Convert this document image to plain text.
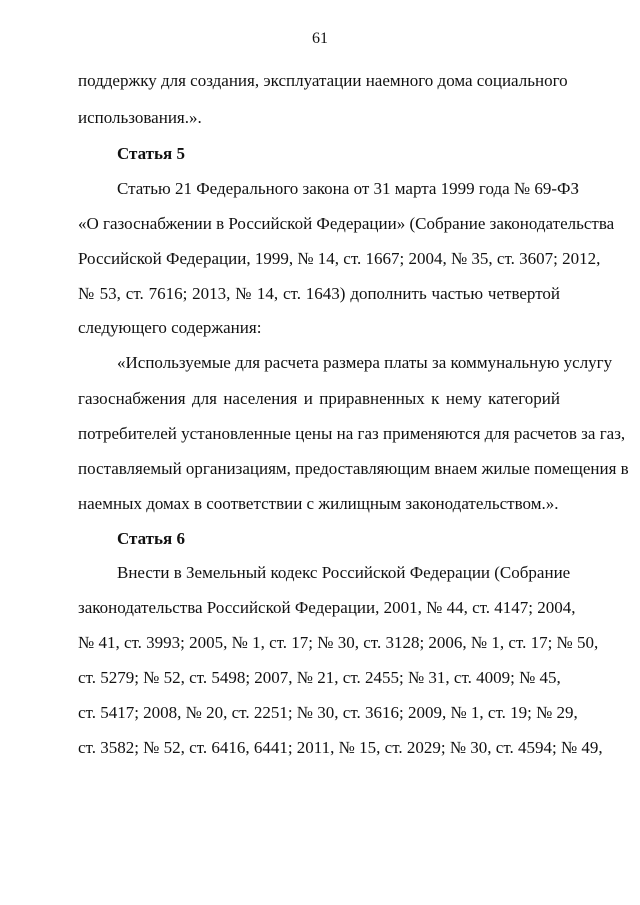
61
поддержку для создания, эксплуатации наемного дома социального
использования.».
Статья 5
Статью 21 Федерального закона от 31 марта 1999 года № 69-ФЗ
«О газоснабжении в Российской Федерации» (Собрание законодательства
Российской Федерации, 1999, № 14, ст. 1667; 2004, № 35, ст. 3607; 2012,
№ 53, ст. 7616; 2013, № 14, ст. 1643) дополнить частью четвертой
следующего содержания:
«Используемые для расчета размера платы за коммунальную услугу
газоснабжения для населения и приравненных к нему категорий
потребителей установленные цены на газ применяются для расчетов за газ,
поставляемый организациям, предоставляющим внаем жилые помещения в
наемных домах в соответствии с жилищным законодательством.».
Статья 6
Внести в Земельный кодекс Российской Федерации (Собрание
законодательства Российской Федерации, 2001, № 44, ст. 4147; 2004,
№ 41, ст. 3993; 2005, № 1, ст. 17; № 30, ст. 3128; 2006, № 1, ст. 17; № 50,
ст. 5279; № 52, ст. 5498; 2007, № 21, ст. 2455; № 31, ст. 4009; № 45,
ст. 5417; 2008, № 20, ст. 2251; № 30, ст. 3616; 2009, № 1, ст. 19; № 29,
ст. 3582; № 52, ст. 6416, 6441; 2011, № 15, ст. 2029; № 30, ст. 4594; № 49,
